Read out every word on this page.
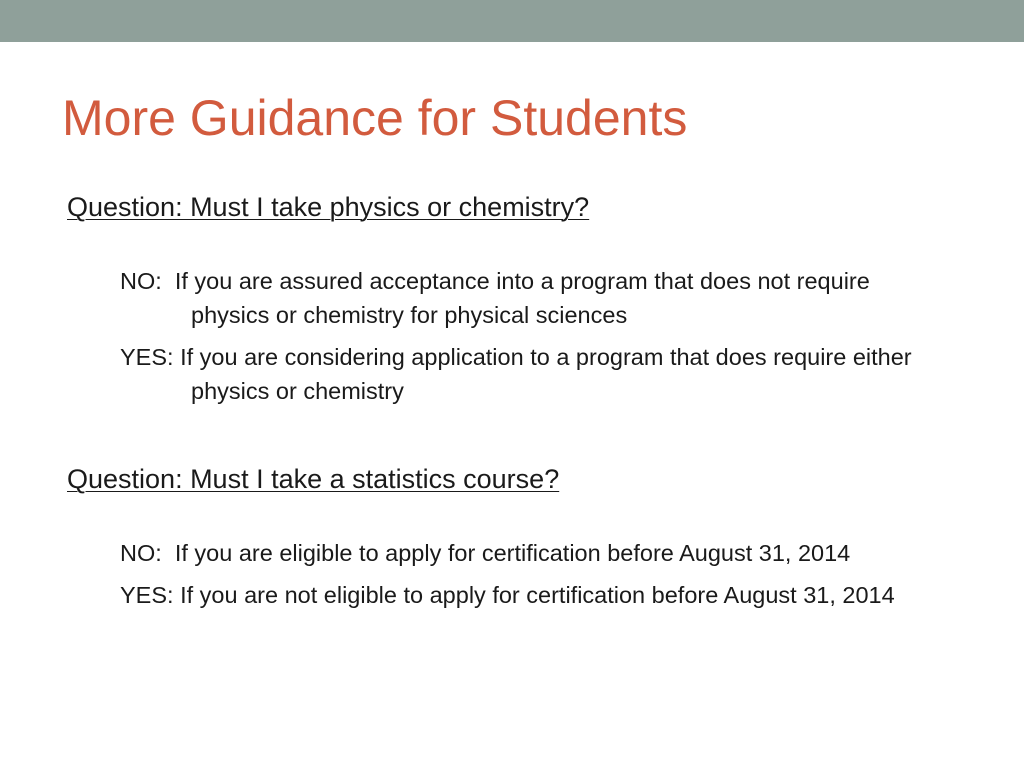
More Guidance for Students

Question: Must I take physics or chemistry?

NO:  If you are assured acceptance into a program that does not require physics or chemistry for physical sciences
YES: If you are considering application to a program that does require either physics or chemistry

Question: Must I take a statistics course?

NO:  If you are eligible to apply for certification before August 31, 2014
YES: If you are not eligible to apply for certification before August 31, 2014
